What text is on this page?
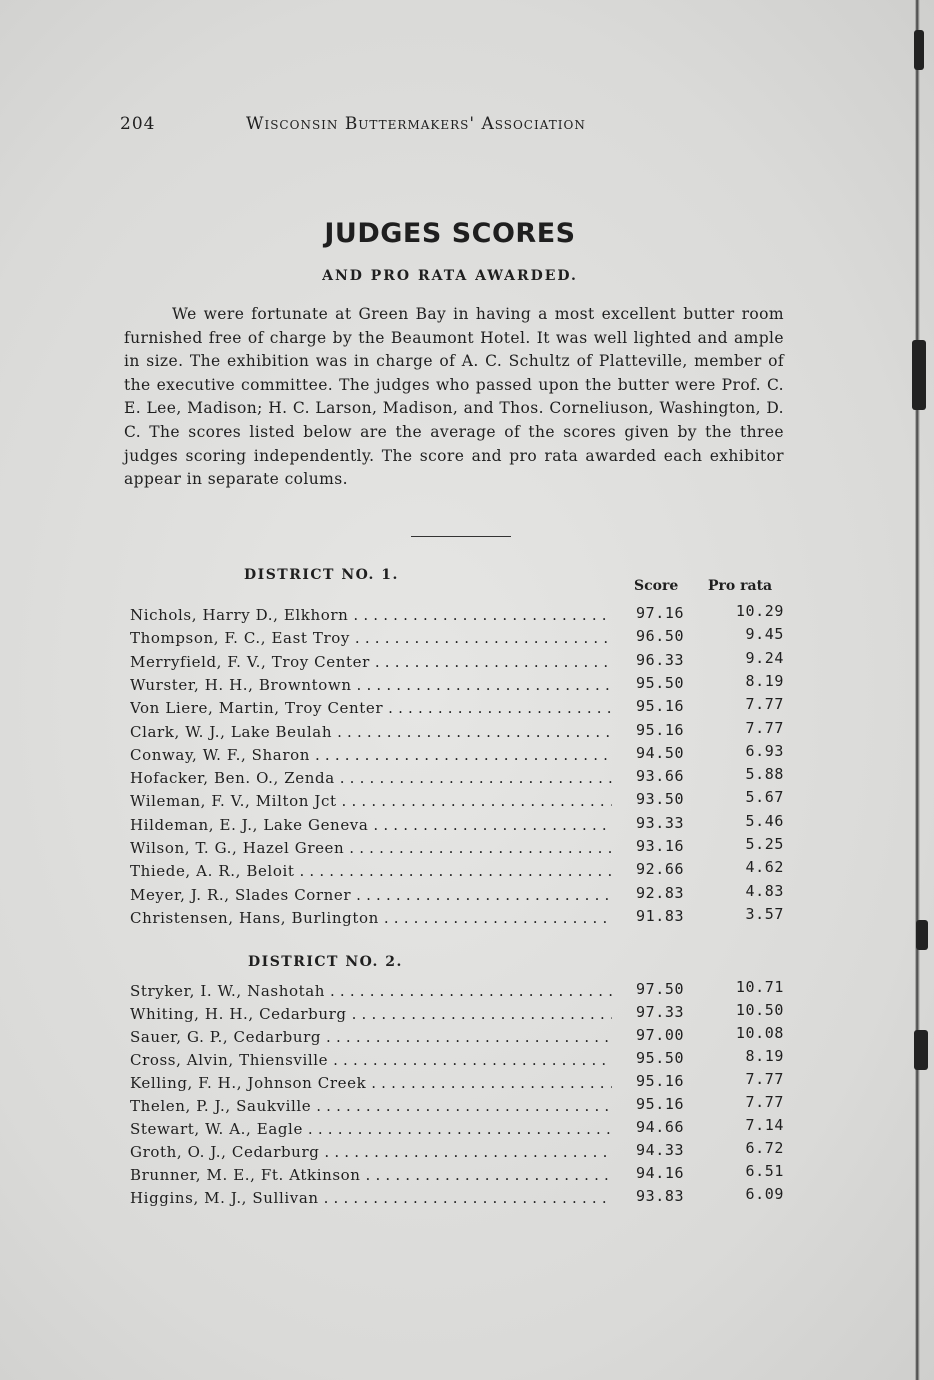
204	Wisconsin Buttermakers' Association
JUDGES SCORES
AND PRO RATA AWARDED.

We were fortunate at Green Bay in having a most excellent butter room furnished free of charge by the Beaumont Hotel. It was well lighted and ample in size. The exhibition was in charge of A. C. Schultz of Platteville, member of the executive committee. The judges who passed upon the butter were Prof. C. E. Lee, Madison; H. C. Larson, Madison, and Thos. Corneliuson, Washington, D. C. The scores listed below are the average of the scores given by the three judges scoring independently. The score and pro rata awarded each exhibitor appear in separate colums.

DISTRICT NO. 1.
Score Pro rata
Nichols, Harry D., Elkhorn . . .	97.16	10.29
Thompson, F. C., East Troy . . .	96.50	9.45
Merryfield, F. V., Troy Center . . .	96.33	9.24
Wurster, H. H., Browntown . . .	95.50	8.19
Von Liere, Martin, Troy Center . . .	95.16	7.77
Clark, W. J., Lake Beulah . . .	95.16	7.77
Conway, W. F., Sharon . . .	94.50	6.93
Hofacker, Ben. O., Zenda . . .	93.66	5.88
Wileman, F. V., Milton Jct . . .	93.50	5.67
Hildeman, E. J., Lake Geneva . . .	93.33	5.46
Wilson, T. G., Hazel Green . . .	93.16	5.25
Thiede, A. R., Beloit . . .	92.66	4.62
Meyer, J. R., Slades Corner . . .	92.83	4.83
Christensen, Hans, Burlington . . .	91.83	3.57
DISTRICT NO. 2.
Stryker, I. W., Nashotah . . .	97.50	10.71
Whiting, H. H., Cedarburg . . .	97.33	10.50
Sauer, G. P., Cedarburg . . .	97.00	10.08
Cross, Alvin, Thiensville . . .	95.50	8.19
Kelling, F. H., Johnson Creek . . .	95.16	7.77
Thelen, P. J., Saukville . . .	95.16	7.77
Stewart, W. A., Eagle . . .	94.66	7.14
Groth, O. J., Cedarburg . . .	94.33	6.72
Brunner, M. E., Ft. Atkinson . . .	94.16	6.51
Higgins, M. J., Sullivan . . .	93.83	6.09
